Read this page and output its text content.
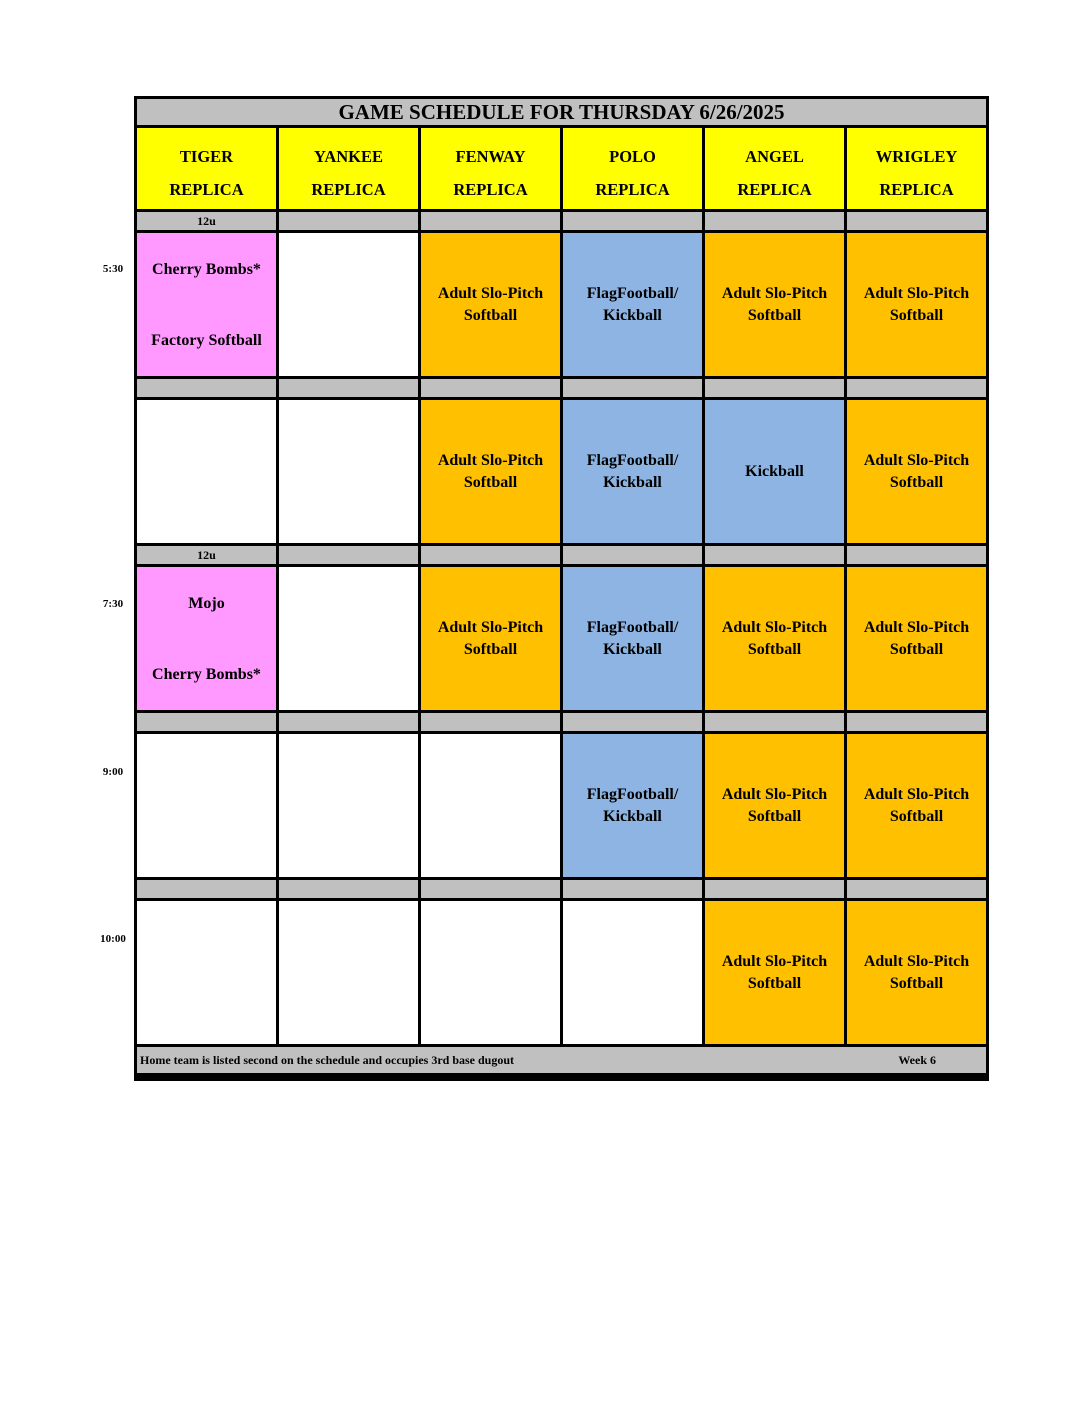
GAME SCHEDULE FOR THURSDAY 6/26/2025
TIGER
REPLICA
YANKEE
REPLICA
FENWAY
REPLICA
POLO
REPLICA
ANGEL
REPLICA
WRIGLEY
REPLICA
12u
Cherry Bombs*
Factory Softball
Adult Slo-Pitch
Softball
FlagFootball/
Kickball
Adult Slo-Pitch
Softball
Adult Slo-Pitch
Softball
Adult Slo-Pitch
Softball
FlagFootball/
Kickball
Kickball
Adult Slo-Pitch
Softball
12u
Mojo
Cherry Bombs*
Adult Slo-Pitch
Softball
FlagFootball/
Kickball
Adult Slo-Pitch
Softball
Adult Slo-Pitch
Softball
FlagFootball/
Kickball
Adult Slo-Pitch
Softball
Adult Slo-Pitch
Softball
Adult Slo-Pitch
Softball
Adult Slo-Pitch
Softball
Home team is listed second on the schedule and occupies 3rd base dugout	Week 6
5:30
7:30
9:00
10:00
